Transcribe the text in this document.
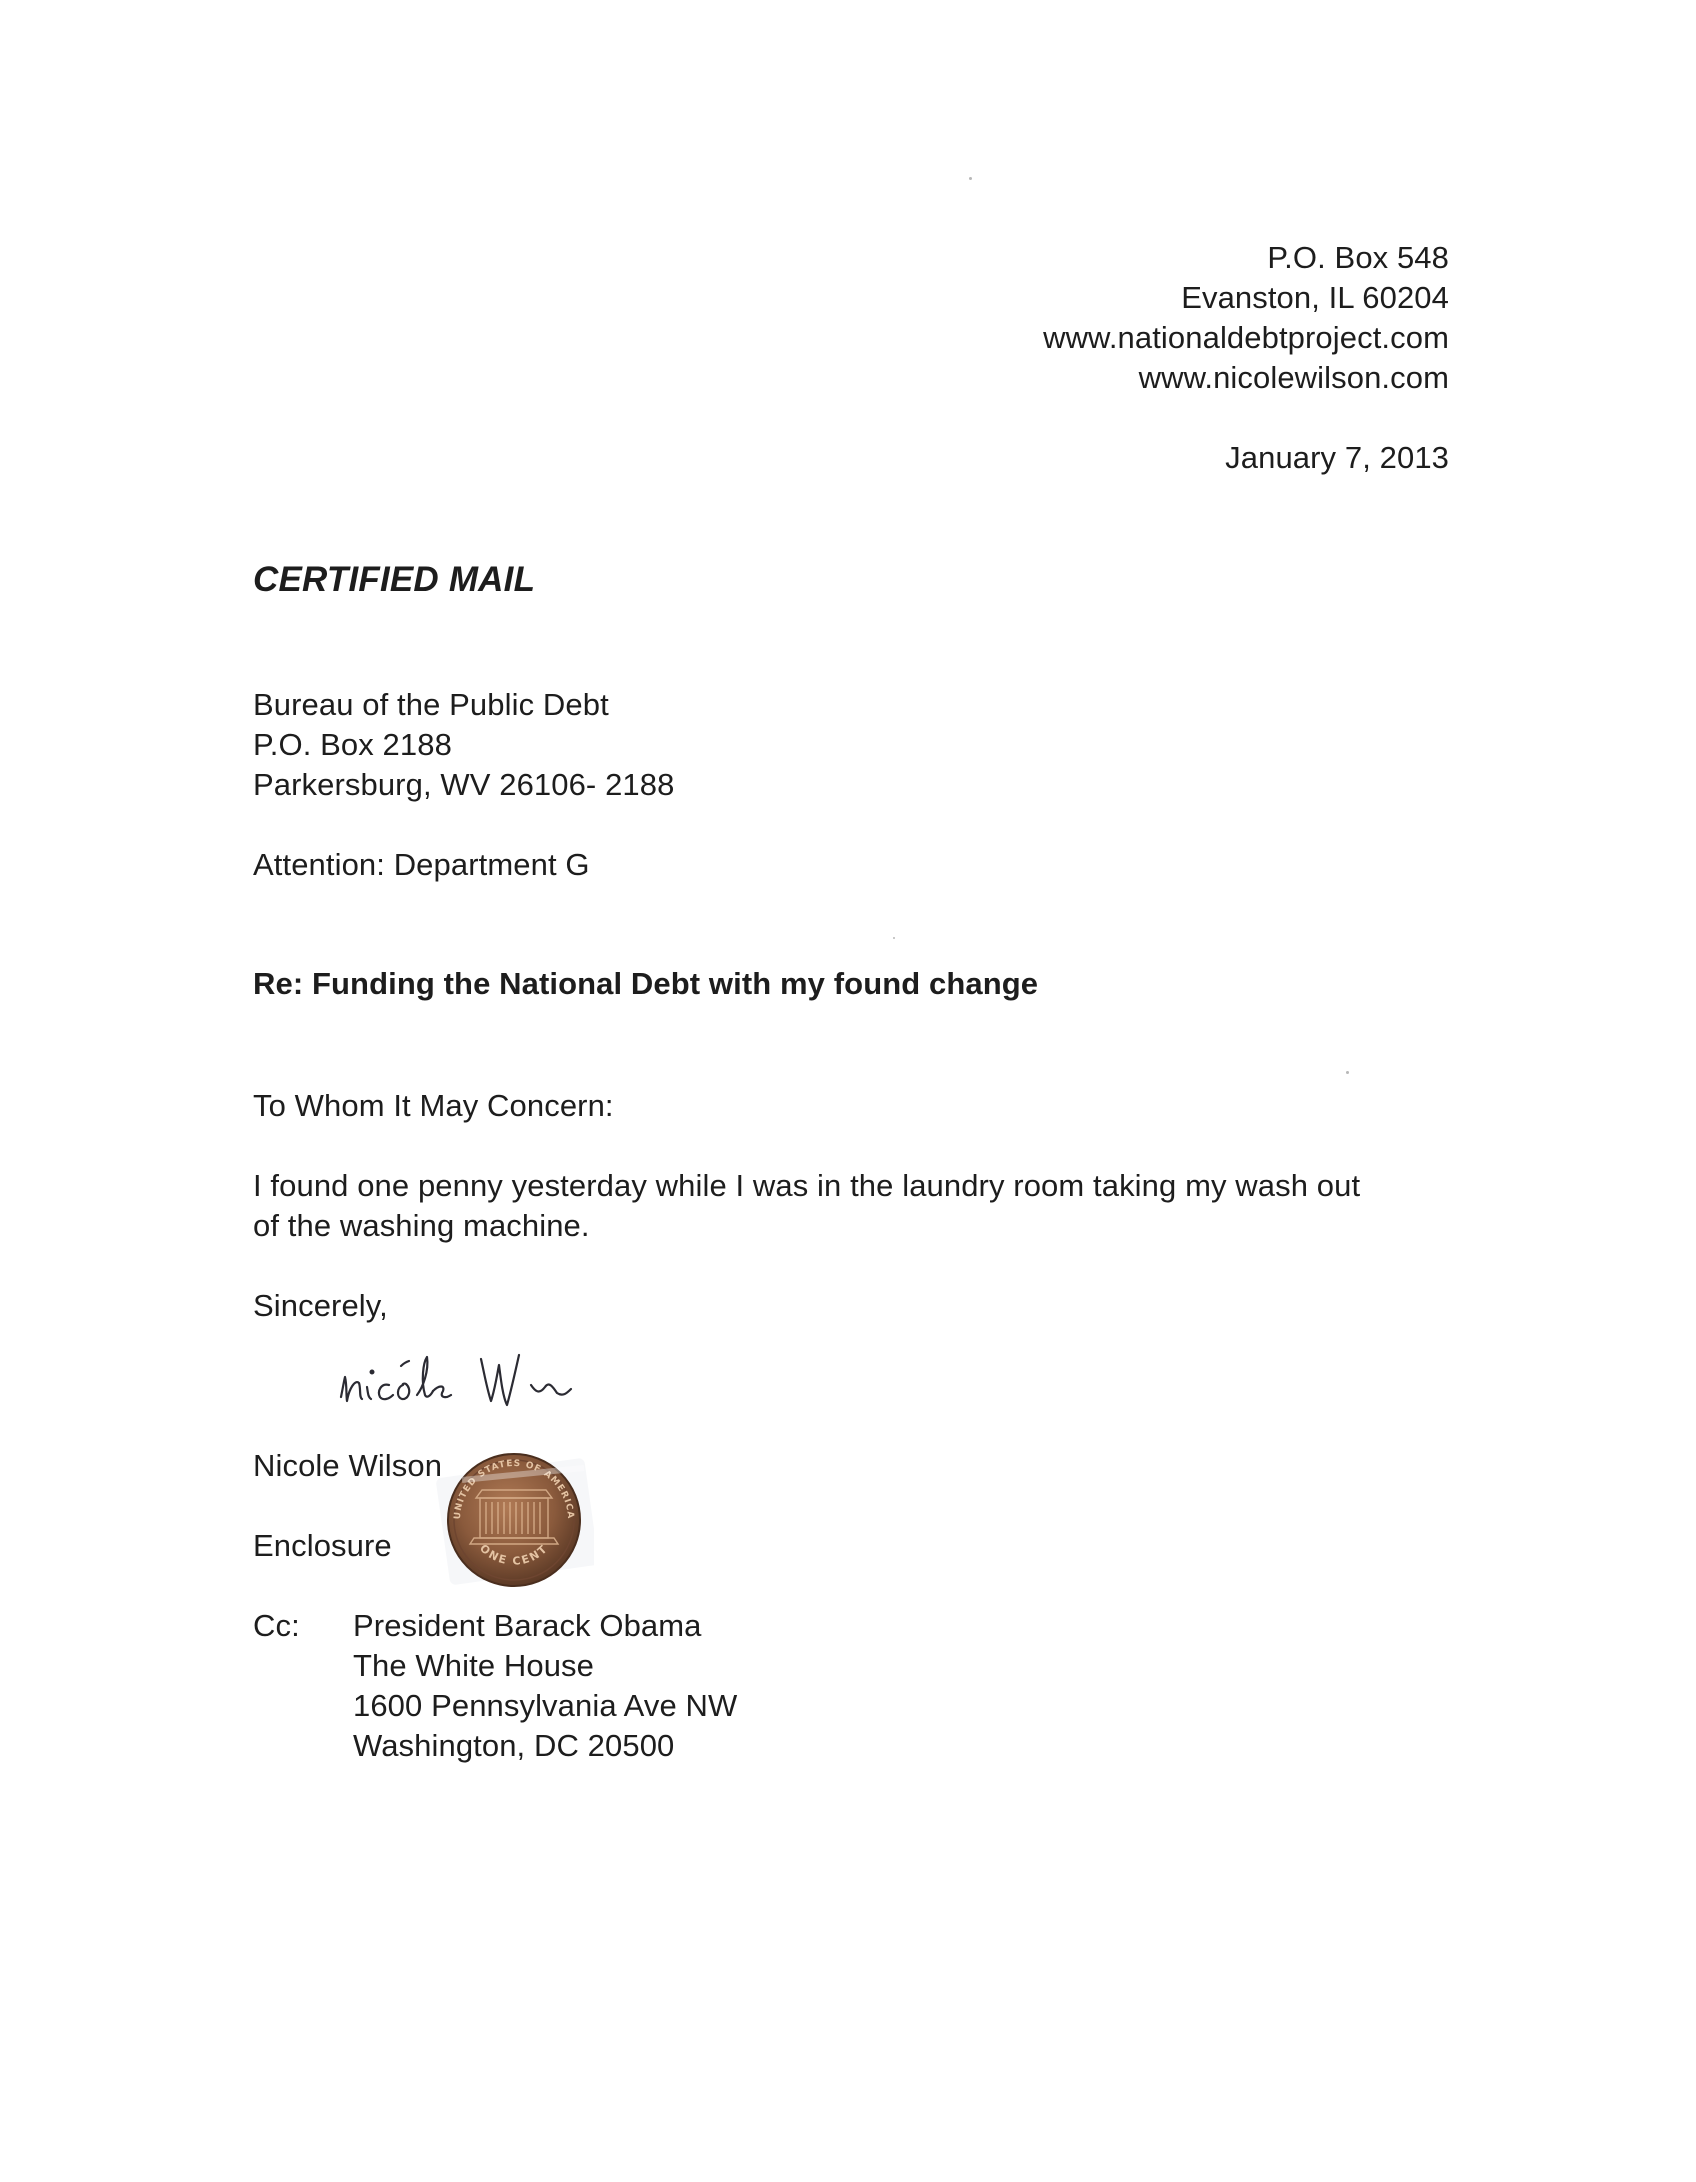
P.O. Box 548
Evanston, IL 60204
www.nationaldebtproject.com
www.nicolewilson.com
January 7, 2013
CERTIFIED MAIL
Bureau of the Public Debt
P.O. Box 2188
Parkersburg, WV 26106- 2188
Attention: Department G
Re: Funding the National Debt with my found change
To Whom It May Concern:
I found one penny yesterday while I was in the laundry room taking my wash out
of the washing machine.
Sincerely,
Nicole Wilson
Enclosure
UNITED STATES OF AMERICA
ONE CENT
Cc: President Barack Obama
The White House
1600 Pennsylvania Ave NW
Washington, DC 20500
